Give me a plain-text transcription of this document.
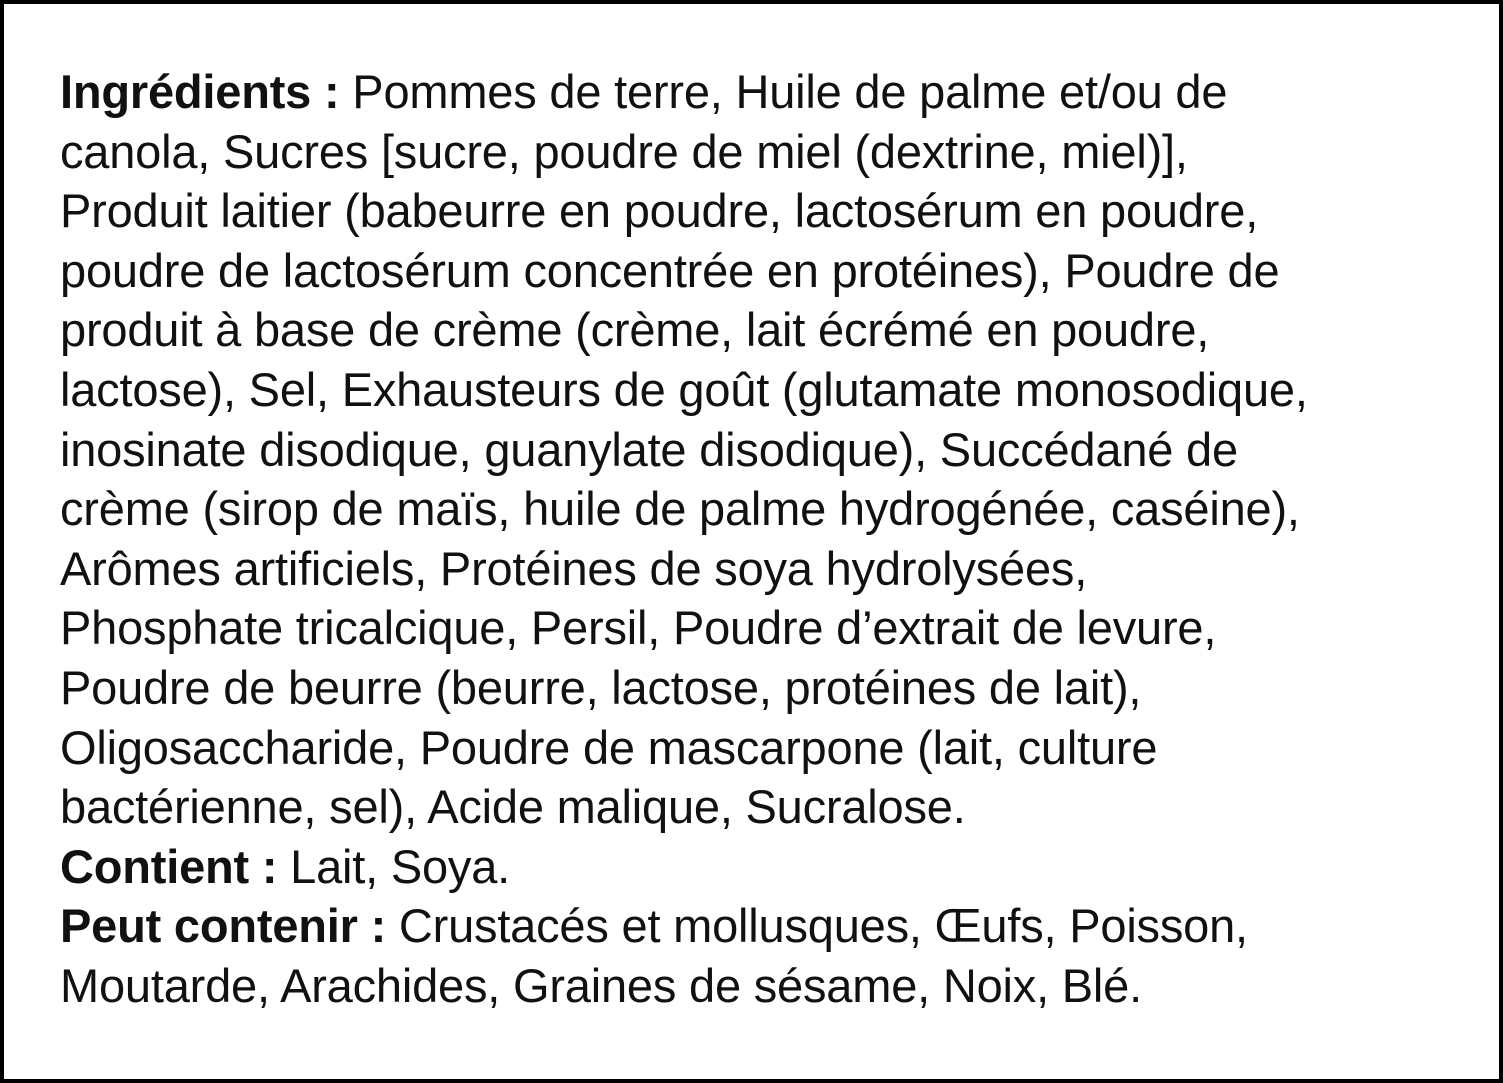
Ingrédients : Pommes de terre, Huile de palme et/ou de
canola, Sucres [sucre, poudre de miel (dextrine, miel)],
Produit laitier (babeurre en poudre, lactosérum en poudre,
poudre de lactosérum concentrée en protéines), Poudre de
produit à base de crème (crème, lait écrémé en poudre,
lactose), Sel, Exhausteurs de goût (glutamate monosodique,
inosinate disodique, guanylate disodique), Succédané de
crème (sirop de maïs, huile de palme hydrogénée, caséine),
Arômes artificiels, Protéines de soya hydrolysées,
Phosphate tricalcique, Persil, Poudre d’extrait de levure,
Poudre de beurre (beurre, lactose, protéines de lait),
Oligosaccharide, Poudre de mascarpone (lait, culture
bactérienne, sel), Acide malique, Sucralose.
Contient : Lait, Soya.
Peut contenir : Crustacés et mollusques, Œufs, Poisson,
Moutarde, Arachides, Graines de sésame, Noix, Blé.
